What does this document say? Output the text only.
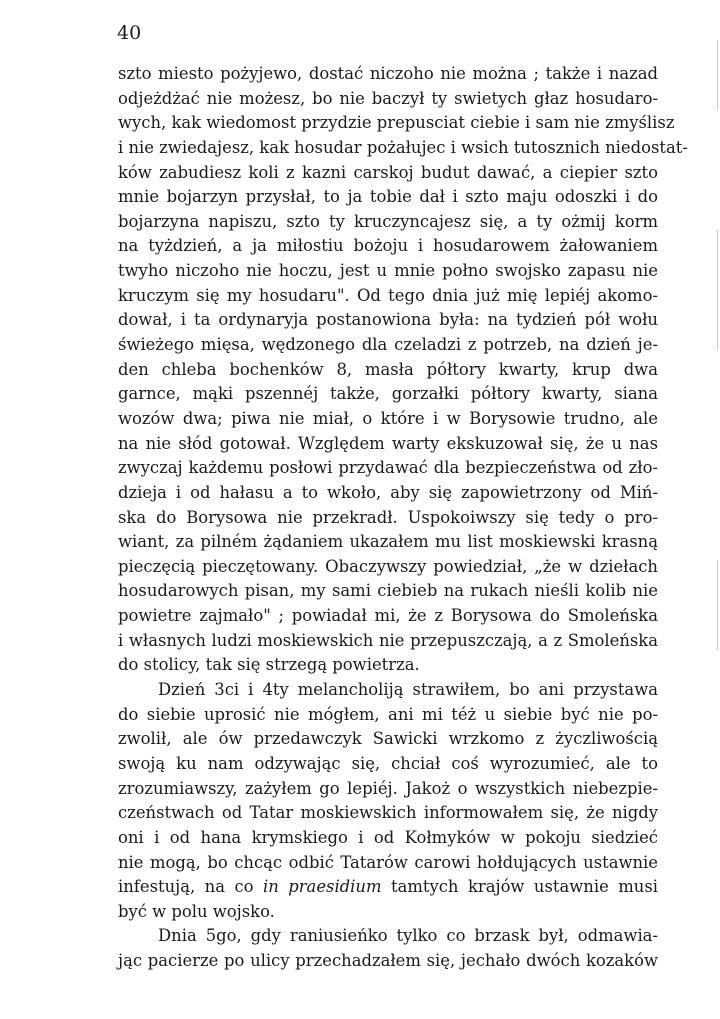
40
szto miesto pożyjewo, dostać niczoho nie można ; także i nazad
odjeżdżać nie możesz, bo nie baczył ty swietych głaz hosudaro-
wych, kak wiedomost przydzie prepusciat ciebie i sam nie zmyślisz
i nie zwiedajesz, kak hosudar pożałujec i wsich tutosznich niedostat-
ków zabudiesz koli z kazni carskoj budut dawać, a ciepier szto
mnie bojarzyn przysłał, to ja tobie dał i szto maju odoszki i do
bojarzyna napiszu, szto ty kruczyncajesz się, a ty ożmij korm
na tyżdzień, a ja miłostiu bożoju i hosudarowem żałowaniem
twyho niczoho nie hoczu, jest u mnie połno swojsko zapasu nie
kruczym się my hosudaru". Od tego dnia już mię lepiéj akomo-
dował, i ta ordynaryja postanowiona była: na tydzień pół wołu
świeżego mięsa, wędzonego dla czeladzi z potrzeb, na dzień je-
den chleba bochenków 8, masła półtory kwarty, krup dwa
garnce, mąki pszennéj także, gorzałki półtory kwarty, siana
wozów dwa; piwa nie miał, o które i w Borysowie trudno, ale
na nie słód gotował. Względem warty ekskuzował się, że u nas
zwyczaj każdemu posłowi przydawać dla bezpieczeństwa od zło-
dzieja i od hałasu a to wkoło, aby się zapowietrzony od Miń-
ska do Borysowa nie przekradł. Uspokoiwszy się tedy o pro-
wiant, za pilném żądaniem ukazałem mu list moskiewski krasną
pieczęcią pieczętowany. Obaczywszy powiedział, „że w dziełach
hosudarowych pisan, my sami ciebieb na rukach nieśli kolib nie
powietre zajmało" ; powiadał mi, że z Borysowa do Smoleńska
i własnych ludzi moskiewskich nie przepuszczają, a z Smoleńska
do stolicy, tak się strzegą powietrza.
Dzień 3ci i 4ty melancholiją strawiłem, bo ani przystawa
do siebie uprosić nie mógłem, ani mi téż u siebie być nie po-
zwolił, ale ów przedawczyk Sawicki wrzkomo z życzliwością
swoją ku nam odzywając się, chciał coś wyrozumieć, ale to
zrozumiawszy, zażyłem go lepiéj. Jakoż o wszystkich niebezpie-
czeństwach od Tatar moskiewskich informowałem się, że nigdy
oni i od hana krymskiego i od Kołmyków w pokoju siedzieć
nie mogą, bo chcąc odbić Tatarów carowi hołdujących ustawnie
infestują, na co in praesidium tamtych krajów ustawnie musi
być w polu wojsko.
Dnia 5go, gdy raniusieńko tylko co brzask był, odmawia-
jąc pacierze po ulicy przechadzałem się, jechało dwóch kozaków
